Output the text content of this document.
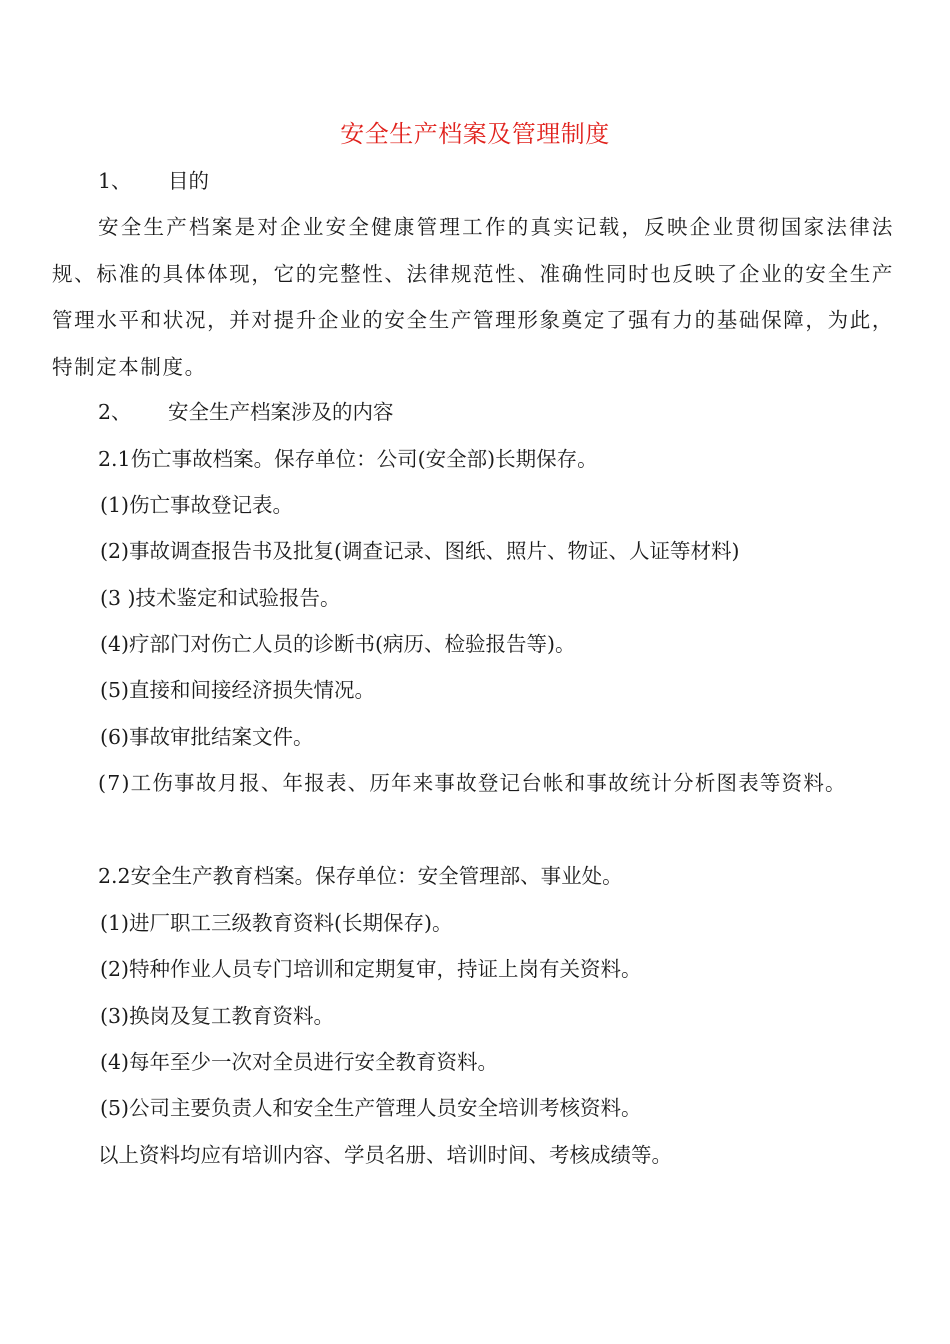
安全生产档案及管理制度
1、 目的

安全生产档案是对企业安全健康管理工作的真实记载，反映企业贯彻国家法律法规、标准的具体体现，它的完整性、法律规范性、准确性同时也反映了企业的安全生产管理水平和状况，并对提升企业的安全生产管理形象奠定了强有力的基础保障，为此，特制定本制度。

2、 安全生产档案涉及的内容
2.1伤亡事故档案。保存单位：公司(安全部)长期保存。
(1)伤亡事故登记表。
(2)事故调查报告书及批复(调查记录、图纸、照片、物证、人证等材料)
(3 )技术鉴定和试验报告。
(4)疗部门对伤亡人员的诊断书(病历、检验报告等)。
(5)直接和间接经济损失情况。
(6)事故审批结案文件。

(7)工伤事故月报、年报表、历年来事故登记台帐和事故统计分析图表等资料。

2.2安全生产教育档案。保存单位：安全管理部、事业处。
(1)进厂职工三级教育资料(长期保存)。
(2)特种作业人员专门培训和定期复审，持证上岗有关资料。
(3)换岗及复工教育资料。
(4)每年至少一次对全员进行安全教育资料。
(5)公司主要负责人和安全生产管理人员安全培训考核资料。
以上资料均应有培训内容、学员名册、培训时间、考核成绩等。
